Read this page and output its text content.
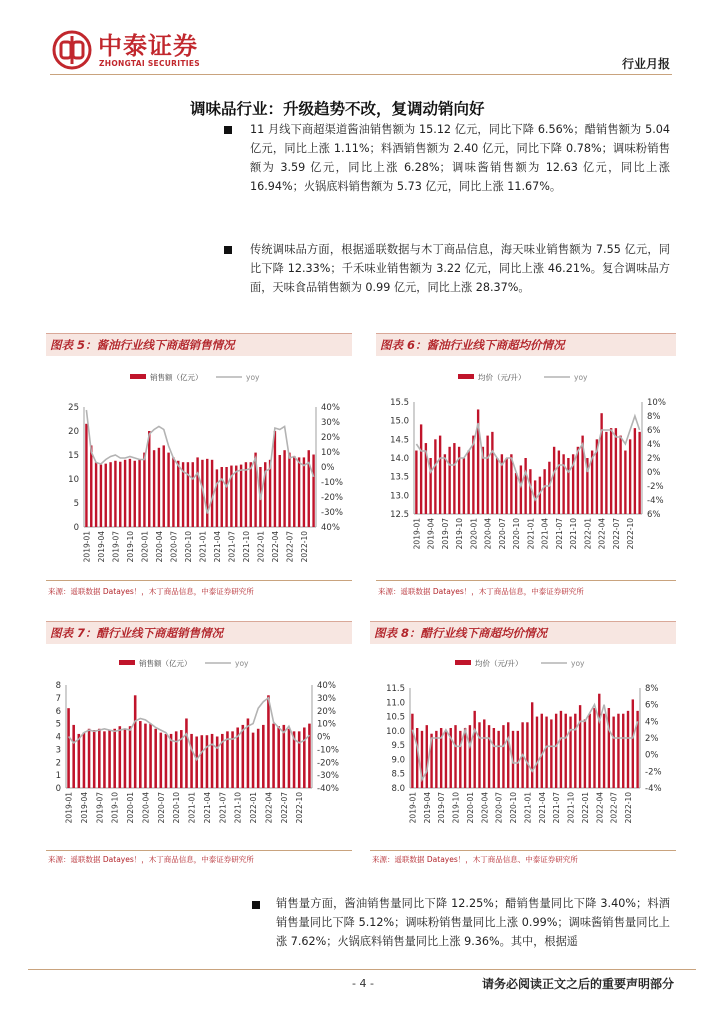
中泰证券
ZHONGTAI SECURITIES	行业月报
调味品行业：升级趋势不改，复调动销向好
11 月线下商超渠道酱油销售额为 15.12 亿元，同比下降 6.56%；醋销售额为 5.04 亿元，同比上涨 1.11%；料酒销售额为 2.40 亿元，同比下降 0.78%；调味粉销售额为 3.59 亿元，同比上涨 6.28%；调味酱销售额为 12.63 亿元，同比上涨 16.94%；火锅底料销售额为 5.73 亿元，同比上涨 11.67%。
传统调味品方面，根据遥联数据与木丁商品信息，海天味业销售额为 7.55 亿元，同比下降 12.33%；千禾味业销售额为 3.22 亿元，同比上涨 46.21%。复合调味品方面，天味食品销售额为 0.99 亿元，同比上涨 28.37%。
图表 5：酱油行业线下商超销售情况
销售额（亿元）	yoy
0
5
10
15
20
25	40%
30%
20%
10%
0%
-10%
-20%
-30%
40%
2019-01 2019-04 2019-07 2019-10 2020-01 2020-04 2020-07 2020-10 2021-01 2021-04 2021-07 2021-10 2022-01 2022-04 2022-07 2022-10
来源：遥联数据 Datayes！，木丁商品信息，中泰证券研究所
图表 6：酱油行业线下商超均价情况
均价（元/升）	yoy
12.5
13.0
13.5
14.0
14.5
15.0
15.5	10%
8%
6%
4%
2%
0%
-2%
-4%
6%
2019-01 2019-04 2019-07 2019-10 2020-01 2020-04 2020-07 2020-10 2021-01 2021-04 2021-07 2021-10 2022-01 2022-04 2022-07 2022-10
来源：遥联数据 Datayes！，木丁商品信息，中泰证券研究所
图表 7：醋行业线下商超销售情况
销售额（亿元）	yoy
0
1
2
3
4
5
6
7
8	40%
30%
20%
10%
0%
-10%
-20%
-30%
-40%
2019-01 2019-04 2019-07 2019-10 2020-01 2020-04 2020-07 2020-10 2021-01 2021-04 2021-07 2021-10 2022-01 2022-04 2022-07 2022-10
来源：遥联数据 Datayes！，木丁商品信息，中泰证券研究所
图表 8：醋行业线下商超均价情况
均价（元/升）	yoy
8.0
8.5
9.0
9.5
10.0
10.5
11.0
11.5	8%
6%
4%
2%
0%
-2%
-4%
2019-01 2019-04 2019-07 2019-10 2020-01 2020-04 2020-07 2020-10 2021-01 2021-04 2021-07 2021-10 2022-01 2022-04 2022-07 2022-10
来源：遥联数据 Datayes！，木丁商品信息、中泰证券研究所
销售量方面，酱油销售量同比下降 12.25%；醋销售量同比下降 3.40%；料酒销售量同比下降 5.12%；调味粉销售量同比上涨 0.99%；调味酱销售量同比上涨 7.62%；火锅底料销售量同比上涨 9.36%。其中，根据遥
- 4 -	请务必阅读正文之后的重要声明部分
